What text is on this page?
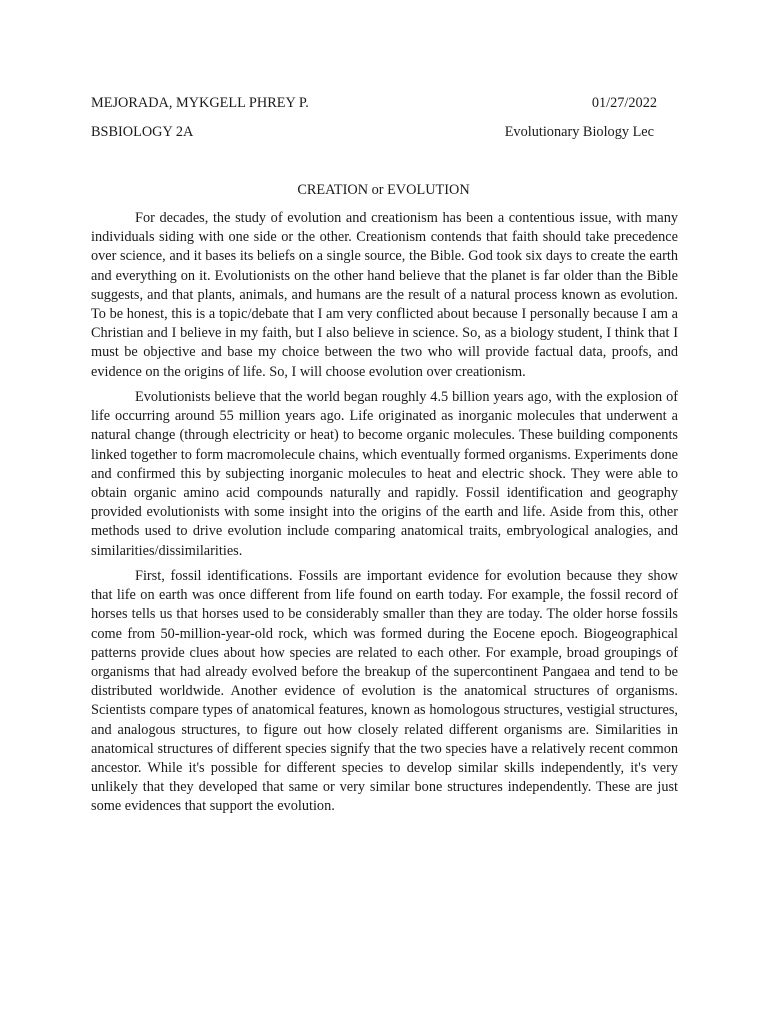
MEJORADA, MYKGELL PHREY P.	01/27/2022
BSBIOLOGY 2A	Evolutionary Biology Lec
CREATION or EVOLUTION

For decades, the study of evolution and creationism has been a contentious issue, with many individuals siding with one side or the other. Creationism contends that faith should take precedence over science, and it bases its beliefs on a single source, the Bible. God took six days to create the earth and everything on it. Evolutionists on the other hand believe that the planet is far older than the Bible suggests, and that plants, animals, and humans are the result of a natural process known as evolution. To be honest, this is a topic/debate that I am very conflicted about because I personally because I am a Christian and I believe in my faith, but I also believe in science. So, as a biology student, I think that I must be objective and base my choice between the two who will provide factual data, proofs, and evidence on the origins of life. So, I will choose evolution over creationism.

Evolutionists believe that the world began roughly 4.5 billion years ago, with the explosion of life occurring around 55 million years ago. Life originated as inorganic molecules that underwent a natural change (through electricity or heat) to become organic molecules. These building components linked together to form macromolecule chains, which eventually formed organisms. Experiments done and confirmed this by subjecting inorganic molecules to heat and electric shock. They were able to obtain organic amino acid compounds naturally and rapidly. Fossil identification and geography provided evolutionists with some insight into the origins of the earth and life. Aside from this, other methods used to drive evolution include comparing anatomical traits, embryological analogies, and similarities/dissimilarities.

First, fossil identifications. Fossils are important evidence for evolution because they show that life on earth was once different from life found on earth today. For example, the fossil record of horses tells us that horses used to be considerably smaller than they are today. The older horse fossils come from 50-million-year-old rock, which was formed during the Eocene epoch. Biogeographical patterns provide clues about how species are related to each other. For example, broad groupings of organisms that had already evolved before the breakup of the supercontinent Pangaea and tend to be distributed worldwide. Another evidence of evolution is the anatomical structures of organisms. Scientists compare types of anatomical features, known as homologous structures, vestigial structures, and analogous structures, to figure out how closely related different organisms are. Similarities in anatomical structures of different species signify that the two species have a relatively recent common ancestor. While it's possible for different species to develop similar skills independently, it's very unlikely that they developed that same or very similar bone structures independently. These are just some evidences that support the evolution.
